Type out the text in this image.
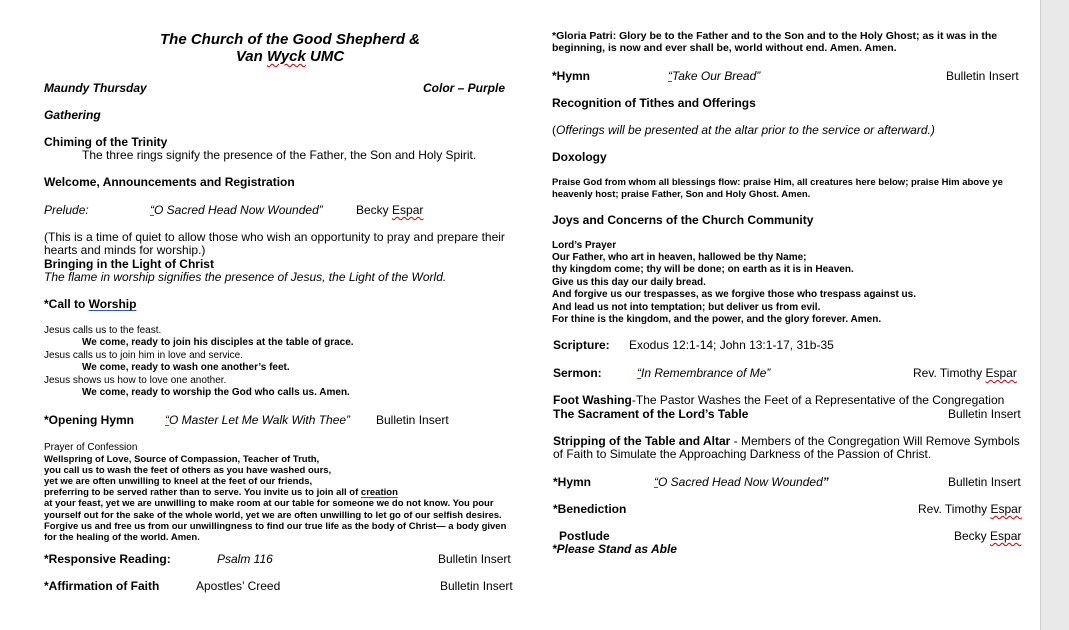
The Church of the Good Shepherd &
Van Wyck UMC
Maundy Thursday	Color – Purple
Gathering
Chiming of the Trinity
The three rings signify the presence of the Father, the Son and Holy Spirit.
Welcome, Announcements and Registration
Prelude:	“O Sacred Head Now Wounded”	Becky Espar
(This is a time of quiet to allow those who wish an opportunity to pray and prepare their
hearts and minds for worship.)
Bringing in the Light of Christ
The flame in worship signifies the presence of Jesus, the Light of the World.
*Call to Worship
Jesus calls us to the feast.
We come, ready to join his disciples at the table of grace.
Jesus calls us to join him in love and service.
We come, ready to wash one another’s feet.
Jesus shows us how to love one another.
We come, ready to worship the God who calls us. Amen.
*Opening Hymn	“O Master Let Me Walk With Thee” Bulletin Insert
Prayer of Confession
Wellspring of Love, Source of Compassion, Teacher of Truth,
you call us to wash the feet of others as you have washed ours,
yet we are often unwilling to kneel at the feet of our friends,
preferring to be served rather than to serve. You invite us to join all of creation
at your feast, yet we are unwilling to make room at our table for someone we do not know. You pour
yourself out for the sake of the whole world, yet we are often unwilling to let go of our selfish desires.
Forgive us and free us from our unwillingness to find our true life as the body of Christ— a body given
for the healing of the world. Amen.
*Responsive Reading:	Psalm 116	Bulletin Insert
*Affirmation of Faith	Apostles’ Creed	Bulletin Insert
*Gloria Patri: Glory be to the Father and to the Son and to the Holy Ghost; as it was in the
beginning, is now and ever shall be, world without end. Amen. Amen.
*Hymn	“Take Our Bread”	Bulletin Insert
Recognition of Tithes and Offerings
(Offerings will be presented at the altar prior to the service or afterward.)
Doxology
Praise God from whom all blessings flow: praise Him, all creatures here below; praise Him above ye
heavenly host; praise Father, Son and Holy Ghost. Amen.
Joys and Concerns of the Church Community
Lord’s Prayer
Our Father, who art in heaven, hallowed be thy Name;
thy kingdom come; thy will be done; on earth as it is in Heaven.
Give us this day our daily bread.
And forgive us our trespasses, as we forgive those who trespass against us.
And lead us not into temptation; but deliver us from evil.
For thine is the kingdom, and the power, and the glory forever. Amen.
Scripture: Exodus 12:1-14; John 13:1-17, 31b-35
Sermon:	“In Remembrance of Me”	Rev. Timothy Espar
Foot Washing-The Pastor Washes the Feet of a Representative of the Congregation
The Sacrament of the Lord’s Table	Bulletin Insert
Stripping of the Table and Altar - Members of the Congregation Will Remove Symbols
of Faith to Simulate the Approaching Darkness of the Passion of Christ.
*Hymn	“O Sacred Head Now Wounded”	Bulletin Insert
*Benediction	Rev. Timothy Espar
Postlude	Becky Espar
*Please Stand as Able
